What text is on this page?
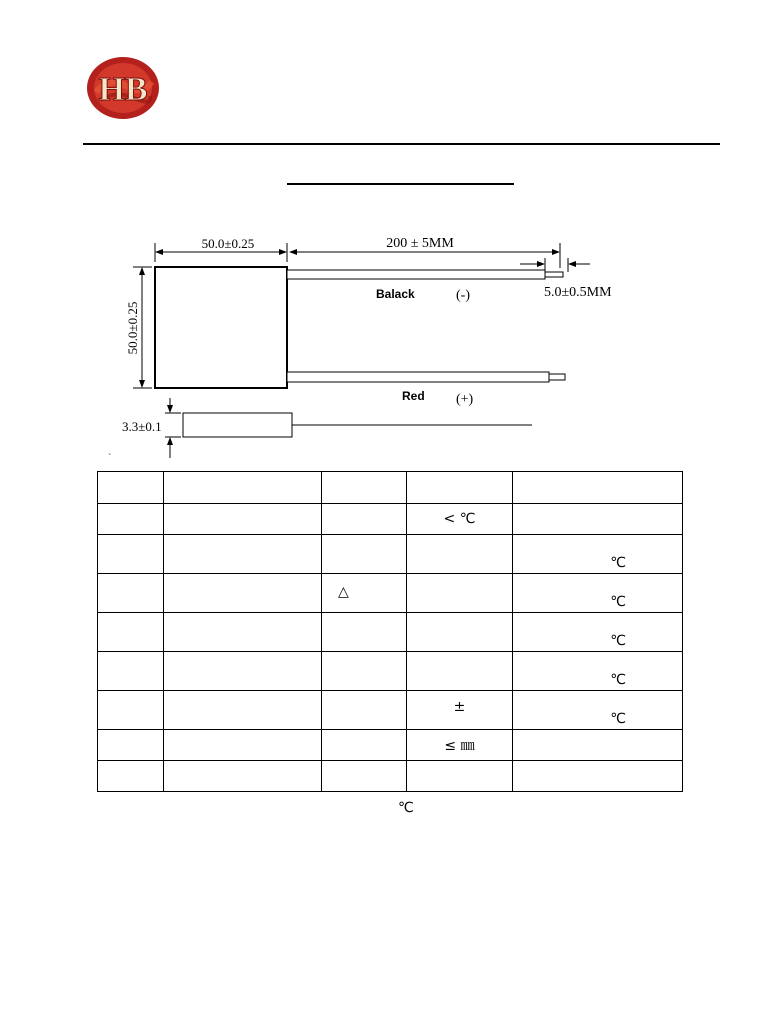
HB
50.0±0.25	200 ± 5MM
5.0±0.5MM
Balack	(-)
50.0±0.25
Red (+)
3.3±0.1
`

			< ℃	
				℃
		△		℃
				℃
				℃
			±	℃
			≤ ㎜	

℃
